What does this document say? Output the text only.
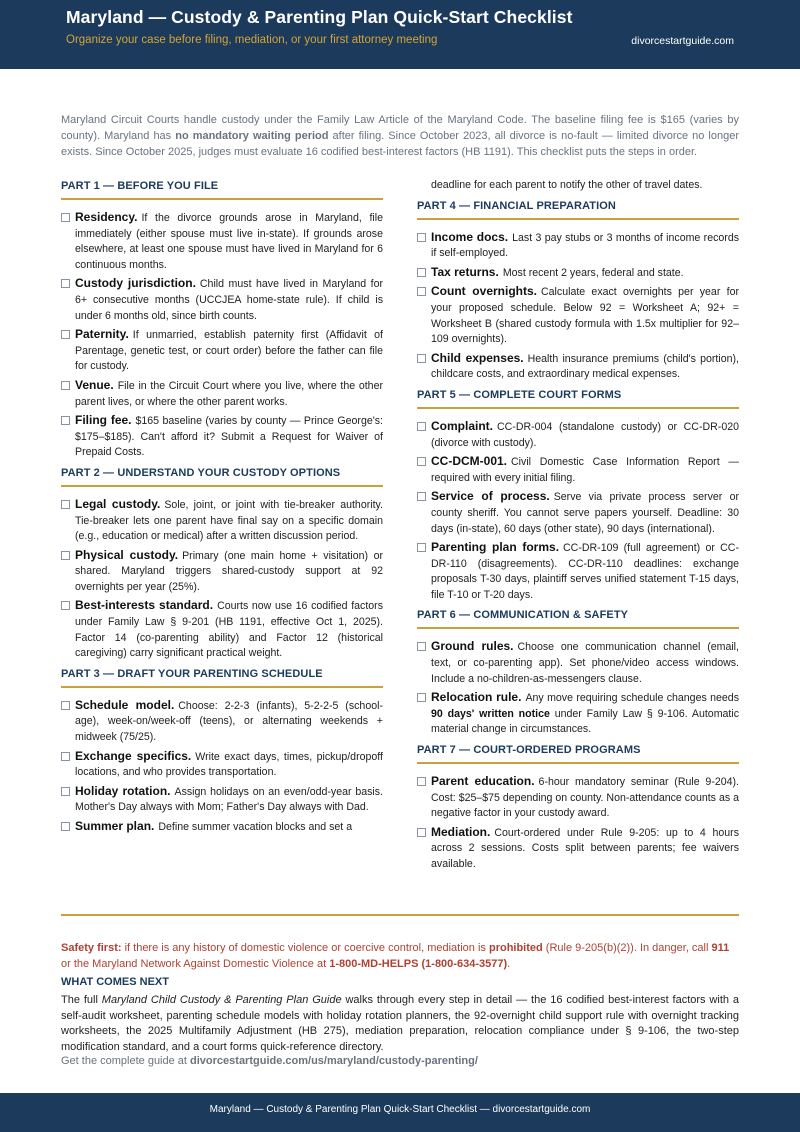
Maryland — Custody & Parenting Plan Quick-Start Checklist
Organize your case before filing, mediation, or your first attorney meeting	divorcestartguide.com
Maryland Circuit Courts handle custody under the Family Law Article of the Maryland Code. The baseline filing fee is $165 (varies by county). Maryland has no mandatory waiting period after filing. Since October 2023, all divorce is no-fault — limited divorce no longer exists. Since October 2025, judges must evaluate 16 codified best-interest factors (HB 1191). This checklist puts the steps in order.
PART 1 — BEFORE YOU FILE
Residency. If the divorce grounds arose in Maryland, file immediately (either spouse must live in-state). If grounds arose elsewhere, at least one spouse must have lived in Maryland for 6 continuous months.
Custody jurisdiction. Child must have lived in Maryland for 6+ consecutive months (UCCJEA home-state rule). If child is under 6 months old, since birth counts.
Paternity. If unmarried, establish paternity first (Affidavit of Parentage, genetic test, or court order) before the father can file for custody.
Venue. File in the Circuit Court where you live, where the other parent lives, or where the other parent works.
Filing fee. $165 baseline (varies by county — Prince George's: $175–$185). Can't afford it? Submit a Request for Waiver of Prepaid Costs.
PART 2 — UNDERSTAND YOUR CUSTODY OPTIONS
Legal custody. Sole, joint, or joint with tie-breaker authority. Tie-breaker lets one parent have final say on a specific domain (e.g., education or medical) after a written discussion period.
Physical custody. Primary (one main home + visitation) or shared. Maryland triggers shared-custody support at 92 overnights per year (25%).
Best-interests standard. Courts now use 16 codified factors under Family Law § 9-201 (HB 1191, effective Oct 1, 2025). Factor 14 (co-parenting ability) and Factor 12 (historical caregiving) carry significant practical weight.
PART 3 — DRAFT YOUR PARENTING SCHEDULE
Schedule model. Choose: 2-2-3 (infants), 5-2-2-5 (school-age), week-on/week-off (teens), or alternating weekends + midweek (75/25).
Exchange specifics. Write exact days, times, pickup/dropoff locations, and who provides transportation.
Holiday rotation. Assign holidays on an even/odd-year basis. Mother's Day always with Mom; Father's Day always with Dad.
Summer plan. Define summer vacation blocks and set a
deadline for each parent to notify the other of travel dates.
PART 4 — FINANCIAL PREPARATION
Income docs. Last 3 pay stubs or 3 months of income records if self-employed.
Tax returns. Most recent 2 years, federal and state.
Count overnights. Calculate exact overnights per year for your proposed schedule. Below 92 = Worksheet A; 92+ = Worksheet B (shared custody formula with 1.5x multiplier for 92–109 overnights).
Child expenses. Health insurance premiums (child's portion), childcare costs, and extraordinary medical expenses.
PART 5 — COMPLETE COURT FORMS
Complaint. CC-DR-004 (standalone custody) or CC-DR-020 (divorce with custody).
CC-DCM-001. Civil Domestic Case Information Report — required with every initial filing.
Service of process. Serve via private process server or county sheriff. You cannot serve papers yourself. Deadline: 30 days (in-state), 60 days (other state), 90 days (international).
Parenting plan forms. CC-DR-109 (full agreement) or CC-DR-110 (disagreements). CC-DR-110 deadlines: exchange proposals T-30 days, plaintiff serves unified statement T-15 days, file T-10 or T-20 days.
PART 6 — COMMUNICATION & SAFETY
Ground rules. Choose one communication channel (email, text, or co-parenting app). Set phone/video access windows. Include a no-children-as-messengers clause.
Relocation rule. Any move requiring schedule changes needs 90 days' written notice under Family Law § 9-106. Automatic material change in circumstances.
PART 7 — COURT-ORDERED PROGRAMS
Parent education. 6-hour mandatory seminar (Rule 9-204). Cost: $25–$75 depending on county. Non-attendance counts as a negative factor in your custody award.
Mediation. Court-ordered under Rule 9-205: up to 4 hours across 2 sessions. Costs split between parents; fee waivers available.
Safety first: if there is any history of domestic violence or coercive control, mediation is prohibited (Rule 9-205(b)(2)). In danger, call 911 or the Maryland Network Against Domestic Violence at 1-800-MD-HELPS (1-800-634-3577).
WHAT COMES NEXT
The full Maryland Child Custody & Parenting Plan Guide walks through every step in detail — the 16 codified best-interest factors with a self-audit worksheet, parenting schedule models with holiday rotation planners, the 92-overnight child support rule with overnight tracking worksheets, the 2025 Multifamily Adjustment (HB 275), mediation preparation, relocation compliance under § 9-106, the two-step modification standard, and a court forms quick-reference directory.
Get the complete guide at divorcestartguide.com/us/maryland/custody-parenting/
Maryland — Custody & Parenting Plan Quick-Start Checklist — divorcestartguide.com
